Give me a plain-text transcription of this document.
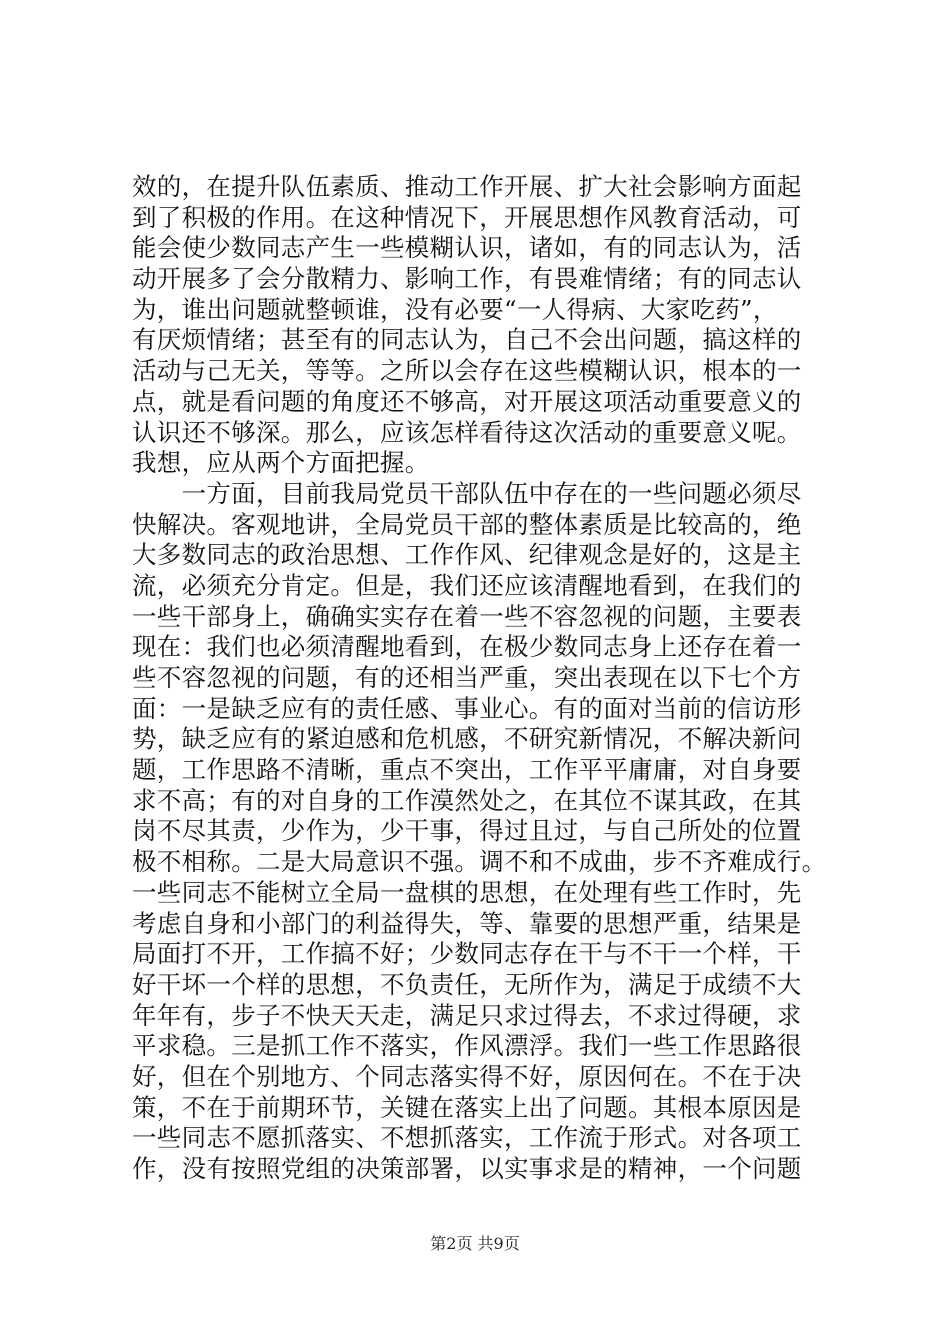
效的，在提升队伍素质、推动工作开展、扩大社会影响方面起
到了积极的作用。在这种情况下，开展思想作风教育活动，可
能会使少数同志产生一些模糊认识，诸如，有的同志认为，活
动开展多了会分散精力、影响工作，有畏难情绪；有的同志认
为，谁出问题就整顿谁，没有必要“一人得病、大家吃药”，
有厌烦情绪；甚至有的同志认为，自己不会出问题，搞这样的
活动与己无关，等等。之所以会存在这些模糊认识，根本的一
点，就是看问题的角度还不够高，对开展这项活动重要意义的
认识还不够深。那么，应该怎样看待这次活动的重要意义呢。
我想，应从两个方面把握。
　　一方面，目前我局党员干部队伍中存在的一些问题必须尽
快解决。客观地讲，全局党员干部的整体素质是比较高的，绝
大多数同志的政治思想、工作作风、纪律观念是好的，这是主
流，必须充分肯定。但是，我们还应该清醒地看到，在我们的
一些干部身上，确确实实存在着一些不容忽视的问题，主要表
现在：我们也必须清醒地看到，在极少数同志身上还存在着一
些不容忽视的问题，有的还相当严重，突出表现在以下七个方
面：一是缺乏应有的责任感、事业心。有的面对当前的信访形
势，缺乏应有的紧迫感和危机感，不研究新情况，不解决新问
题，工作思路不清晰，重点不突出，工作平平庸庸，对自身要
求不高；有的对自身的工作漠然处之，在其位不谋其政，在其
岗不尽其责，少作为，少干事，得过且过，与自己所处的位置
极不相称。二是大局意识不强。调不和不成曲，步不齐难成行。
一些同志不能树立全局一盘棋的思想，在处理有些工作时，先
考虑自身和小部门的利益得失，等、靠要的思想严重，结果是
局面打不开，工作搞不好；少数同志存在干与不干一个样，干
好干坏一个样的思想，不负责任，无所作为，满足于成绩不大
年年有，步子不快天天走，满足只求过得去，不求过得硬，求
平求稳。三是抓工作不落实，作风漂浮。我们一些工作思路很
好，但在个别地方、个同志落实得不好，原因何在。不在于决
策，不在于前期环节，关键在落实上出了问题。其根本原因是
一些同志不愿抓落实、不想抓落实，工作流于形式。对各项工
作，没有按照党组的决策部署，以实事求是的精神，一个问题
第2页 共9页
